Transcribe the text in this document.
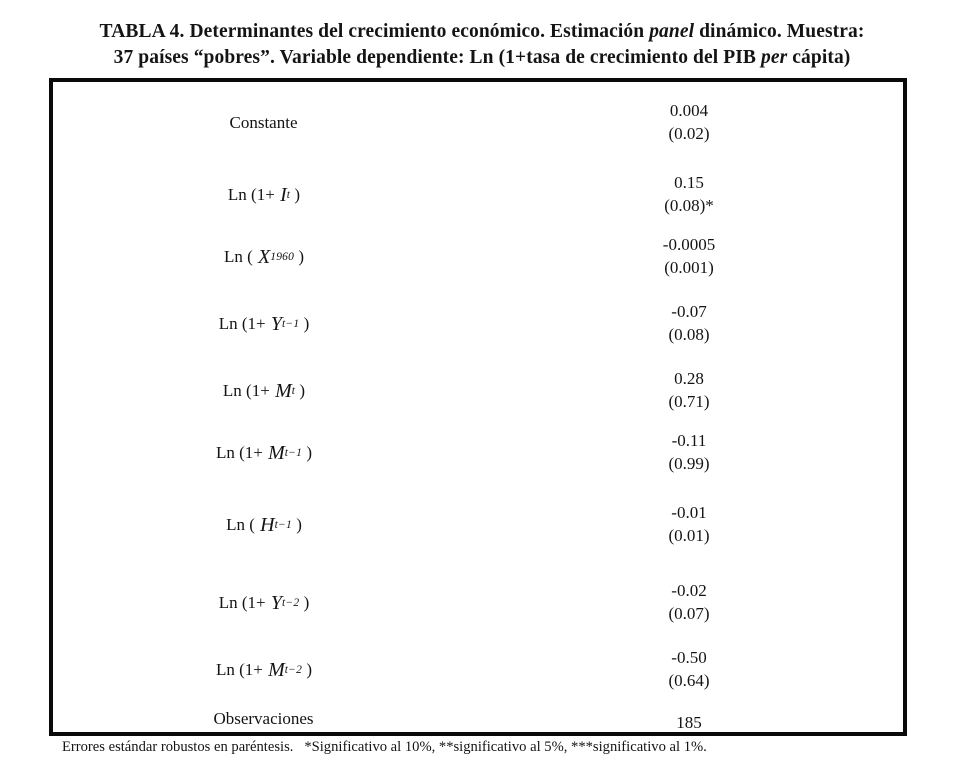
TABLA 4. Determinantes del crecimiento económico. Estimación panel dinámico. Muestra:
37 países “pobres”. Variable dependiente: Ln (1+tasa de crecimiento del PIB per cápita)
Constante
0.004
(0.02)
Ln (1+ I t )
0.15
(0.08)*
Ln ( X 1960 )
-0.0005
(0.001)
Ln (1+ Y t−1 )
-0.07
(0.08)
Ln (1+ M t )
0.28
(0.71)
Ln (1+ M t−1 )
-0.11
(0.99)
Ln ( H t−1 )
-0.01
(0.01)
Ln (1+ Y t−2 )
-0.02
(0.07)
Ln (1+ M t−2 )
-0.50
(0.64)
Observaciones	185
Errores estándar robustos en paréntesis.   *Significativo al 10%, **significativo al 5%, ***significativo al 1%.
